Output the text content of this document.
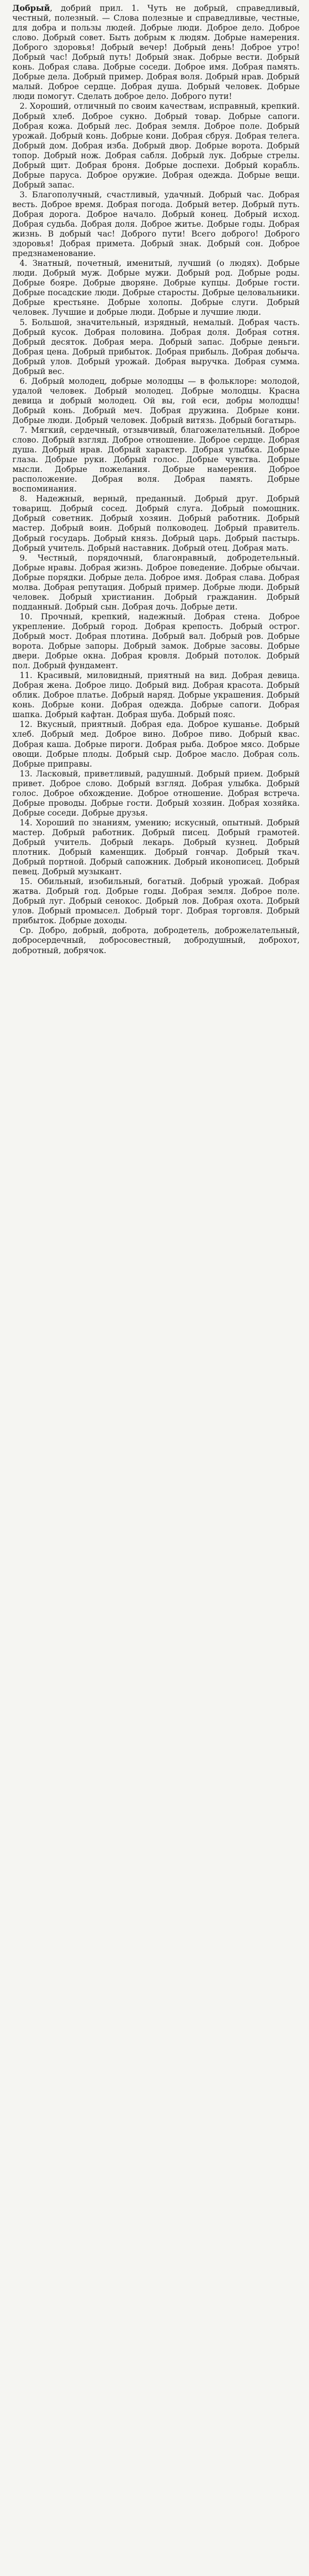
Добрый, добрий прил. 1. Чуть не добрый, справедливый, честный, полезный. — Слова полезные и справедливые, честные, для добра и пользы людей. Добрые люди. Доброе дело. Доброе слово. Добрый совет. Быть добрым к людям. Добрые намерения. Доброго здоровья! Добрый вечер! Добрый день! Доброе утро! Добрый час! Добрый путь! Добрый знак. Добрые вести. Добрый конь. Добрая слава. Добрые соседи. Доброе имя. Добрая память. Добрые дела. Добрый пример. Добрая воля. Добрый нрав. Добрый малый. Доброе сердце. Добрая душа. Добрый человек. Добрые люди помогут. Сделать доброе дело. Доброго пути!

2. Хороший, отличный по своим качествам, исправный, крепкий. Добрый хлеб. Доброе сукно. Добрый товар. Добрые сапоги. Добрая кожа. Добрый лес. Добрая земля. Доброе поле. Добрый урожай. Добрый конь. Добрые кони. Добрая сбруя. Добрая телега. Добрый дом. Добрая изба. Добрый двор. Добрые ворота. Добрый топор. Добрый нож. Добрая сабля. Добрый лук. Добрые стрелы. Добрый щит. Добрая броня. Добрые доспехи. Добрый корабль. Добрые паруса. Доброе оружие. Добрая одежда. Добрые вещи. Добрый запас.

3. Благополучный, счастливый, удачный. Добрый час. Добрая весть. Доброе время. Добрая погода. Добрый ветер. Добрый путь. Добрая дорога. Доброе начало. Добрый конец. Добрый исход. Добрая судьба. Добрая доля. Доброе житье. Добрые годы. Добрая жизнь. В добрый час! Доброго пути! Всего доброго! Доброго здоровья! Добрая примета. Добрый знак. Добрый сон. Доброе предзнаменование.

4. Знатный, почетный, именитый, лучший (о людях). Добрые люди. Добрый муж. Добрые мужи. Добрый род. Добрые роды. Добрые бояре. Добрые дворяне. Добрые купцы. Добрые гости. Добрые посадские люди. Добрые старосты. Добрые целовальники. Добрые крестьяне. Добрые холопы. Добрые слуги. Добрый человек. Лучшие и добрые люди. Добрые и лучшие люди.

5. Большой, значительный, изрядный, немалый. Добрая часть. Добрый кусок. Добрая половина. Добрая доля. Добрая сотня. Добрый десяток. Добрая мера. Добрый запас. Добрые деньги. Добрая цена. Добрый прибыток. Добрая прибыль. Добрая добыча. Добрый улов. Добрый урожай. Добрая выручка. Добрая сумма. Добрый вес.

6. Добрый молодец, добрые молодцы — в фольклоре: молодой, удалой человек. Добрый молодец. Добрые молодцы. Красна девица и добрый молодец. Ой вы, гой еси, добры молодцы! Добрый конь. Добрый меч. Добрая дружина. Добрые кони. Добрые люди. Добрый человек. Добрый витязь. Добрый богатырь.

7. Мягкий, сердечный, отзывчивый, благожелательный. Доброе слово. Добрый взгляд. Доброе отношение. Доброе сердце. Добрая душа. Добрый нрав. Добрый характер. Добрая улыбка. Добрые глаза. Добрые руки. Добрый голос. Добрые чувства. Добрые мысли. Добрые пожелания. Добрые намерения. Доброе расположение. Добрая воля. Добрая память. Добрые воспоминания.

8. Надежный, верный, преданный. Добрый друг. Добрый товарищ. Добрый сосед. Добрый слуга. Добрый помощник. Добрый советник. Добрый хозяин. Добрый работник. Добрый мастер. Добрый воин. Добрый полководец. Добрый правитель. Добрый государь. Добрый князь. Добрый царь. Добрый пастырь. Добрый учитель. Добрый наставник. Добрый отец. Добрая мать.

9. Честный, порядочный, благонравный, добродетельный. Добрые нравы. Добрая жизнь. Доброе поведение. Добрые обычаи. Добрые порядки. Добрые дела. Доброе имя. Добрая слава. Добрая молва. Добрая репутация. Добрый пример. Добрые люди. Добрый человек. Добрый христианин. Добрый гражданин. Добрый подданный. Добрый сын. Добрая дочь. Добрые дети.

10. Прочный, крепкий, надежный. Добрая стена. Доброе укрепление. Добрый город. Добрая крепость. Добрый острог. Добрый мост. Добрая плотина. Добрый вал. Добрый ров. Добрые ворота. Добрые запоры. Добрый замок. Добрые засовы. Добрые двери. Добрые окна. Добрая кровля. Добрый потолок. Добрый пол. Добрый фундамент.

11. Красивый, миловидный, приятный на вид. Добрая девица. Добрая жена. Доброе лицо. Добрый вид. Добрая красота. Добрый облик. Доброе платье. Добрый наряд. Добрые украшения. Добрый конь. Добрые кони. Добрая одежда. Добрые сапоги. Добрая шапка. Добрый кафтан. Добрая шуба. Добрый пояс.

12. Вкусный, приятный. Добрая еда. Доброе кушанье. Добрый хлеб. Добрый мед. Доброе вино. Доброе пиво. Добрый квас. Добрая каша. Добрые пироги. Добрая рыба. Доброе мясо. Добрые овощи. Добрые плоды. Добрый сыр. Доброе масло. Добрая соль. Добрые приправы.

13. Ласковый, приветливый, радушный. Добрый прием. Добрый привет. Доброе слово. Добрый взгляд. Добрая улыбка. Добрый голос. Доброе обхождение. Доброе отношение. Добрая встреча. Добрые проводы. Добрые гости. Добрый хозяин. Добрая хозяйка. Добрые соседи. Добрые друзья.

14. Хороший по знаниям, умению; искусный, опытный. Добрый мастер. Добрый работник. Добрый писец. Добрый грамотей. Добрый учитель. Добрый лекарь. Добрый кузнец. Добрый плотник. Добрый каменщик. Добрый гончар. Добрый ткач. Добрый портной. Добрый сапожник. Добрый иконописец. Добрый певец. Добрый музыкант.

15. Обильный, изобильный, богатый. Добрый урожай. Добрая жатва. Добрый год. Добрые годы. Добрая земля. Доброе поле. Добрый луг. Добрый сенокос. Добрый лов. Добрая охота. Добрый улов. Добрый промысел. Добрый торг. Добрая торговля. Добрый прибыток. Добрые доходы.

Ср. Добро, добрый, доброта, добродетель, доброжелательный, добросердечный, добросовестный, добродушный, доброхот, добротный, добрячок.
